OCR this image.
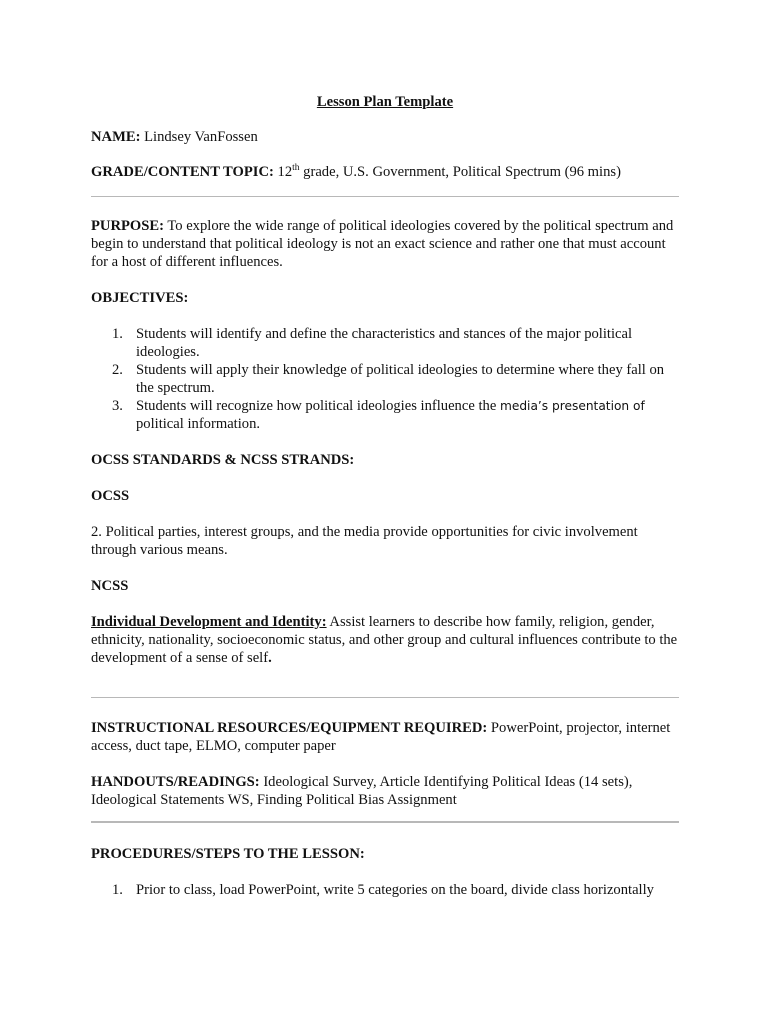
Lesson Plan Template

NAME: Lindsey VanFossen

GRADE/CONTENT TOPIC: 12th grade, U.S. Government, Political Spectrum (96 mins)

PURPOSE: To explore the wide range of political ideologies covered by the political spectrum and begin to understand that political ideology is not an exact science and rather one that must account for a host of different influences.

OBJECTIVES:

1. Students will identify and define the characteristics and stances of the major political ideologies.
2. Students will apply their knowledge of political ideologies to determine where they fall on the spectrum.
3. Students will recognize how political ideologies influence the media’s presentation of political information.

OCSS STANDARDS & NCSS STRANDS:

OCSS

2. Political parties, interest groups, and the media provide opportunities for civic involvement through various means.

NCSS

Individual Development and Identity: Assist learners to describe how family, religion, gender, ethnicity, nationality, socioeconomic status, and other group and cultural influences contribute to the development of a sense of self.

INSTRUCTIONAL RESOURCES/EQUIPMENT REQUIRED: PowerPoint, projector, internet access, duct tape, ELMO, computer paper

HANDOUTS/READINGS: Ideological Survey, Article Identifying Political Ideas (14 sets), Ideological Statements WS, Finding Political Bias Assignment

PROCEDURES/STEPS TO THE LESSON:

1. Prior to class, load PowerPoint, write 5 categories on the board, divide class horizontally
